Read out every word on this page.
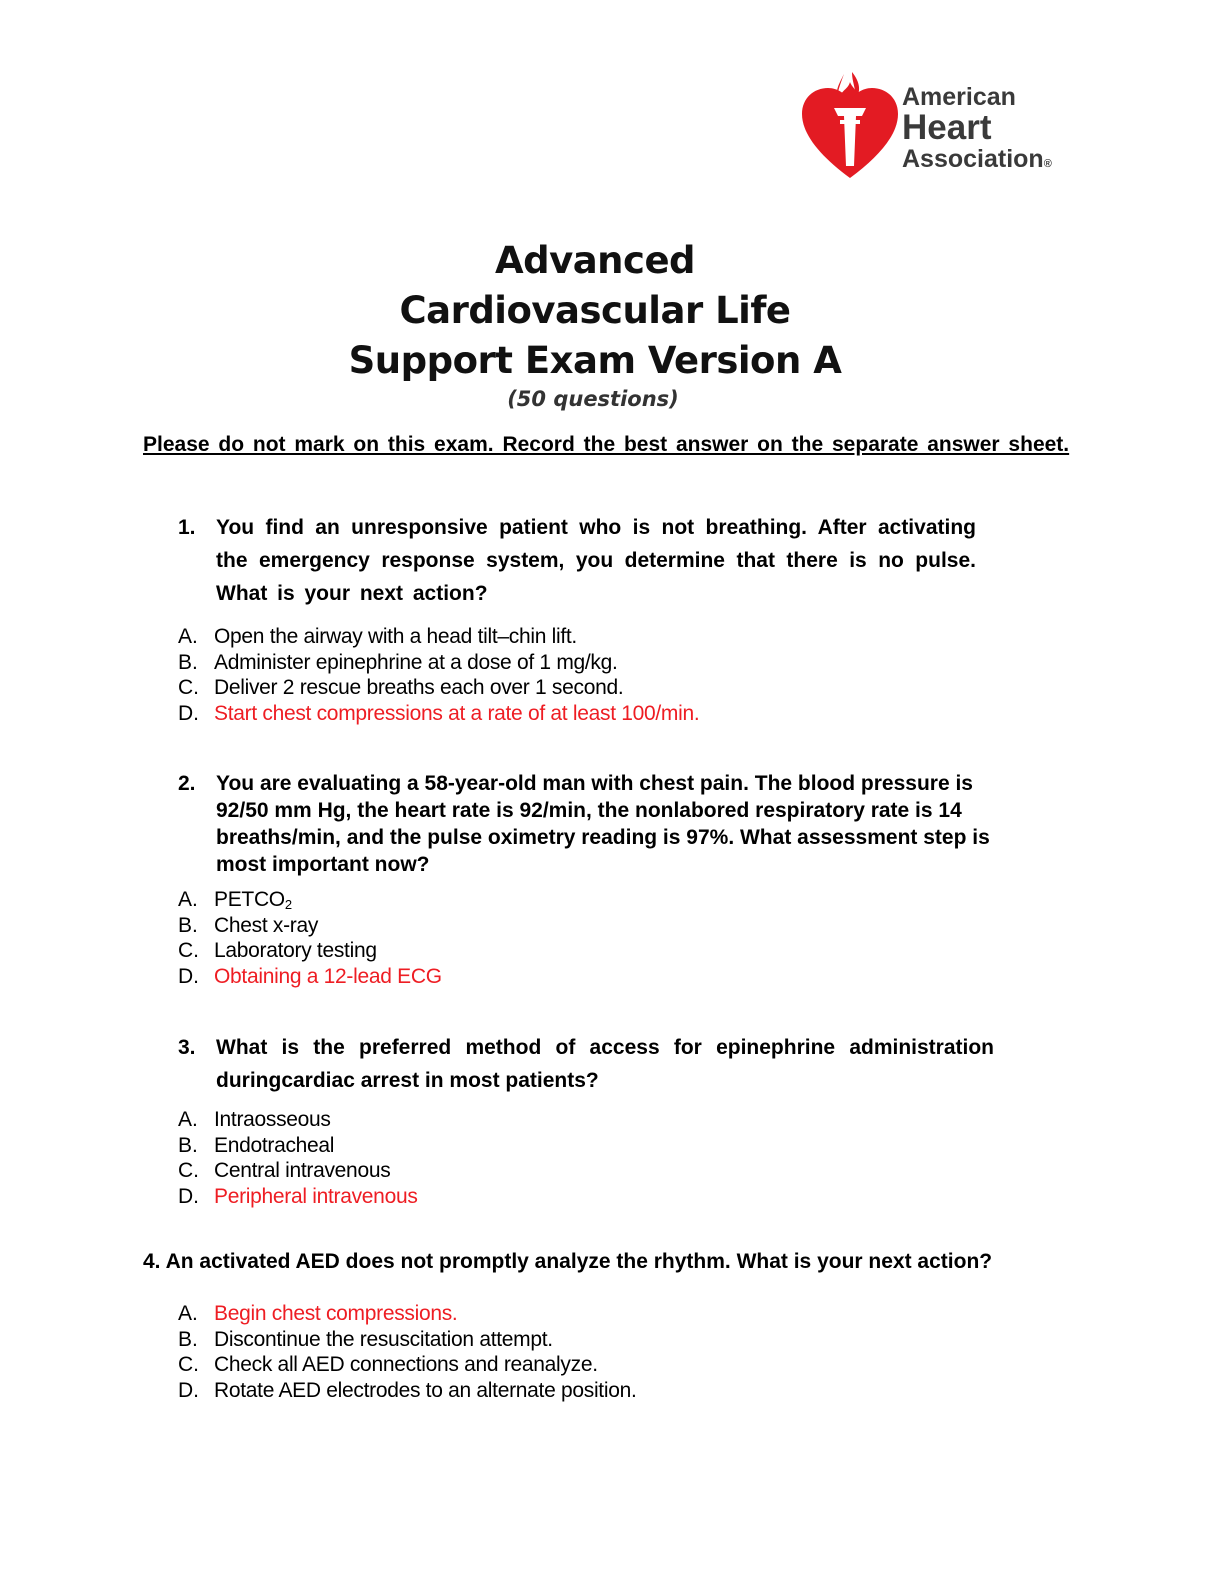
American
Heart
Association®
Advanced
Cardiovascular Life
Support Exam Version A
(50 questions)
Please do not mark on this exam. Record the best answer on the separate answer sheet.
1. You find an unresponsive patient who is not breathing. After activating the emergency response system, you determine that there is no pulse. What is your next action?
A. Open the airway with a head tilt–chin lift.
B. Administer epinephrine at a dose of 1 mg/kg.
C. Deliver 2 rescue breaths each over 1 second.
D. Start chest compressions at a rate of at least 100/min.
2. You are evaluating a 58-year-old man with chest pain. The blood pressure is 92/50 mm Hg, the heart rate is 92/min, the nonlabored respiratory rate is 14 breaths/min, and the pulse oximetry reading is 97%. What assessment step is most important now?
A. $PETCO_2$
B. Chest x-ray
C. Laboratory testing
D. Obtaining a 12-lead ECG
3. What is the preferred method of access for epinephrine administration duringcardiac arrest in most patients?
A. Intraosseous
B. Endotracheal
C. Central intravenous
D. Peripheral intravenous
4. An activated AED does not promptly analyze the rhythm. What is your next action?
A. Begin chest compressions.
B. Discontinue the resuscitation attempt.
C. Check all AED connections and reanalyze.
D. Rotate AED electrodes to an alternate position.
